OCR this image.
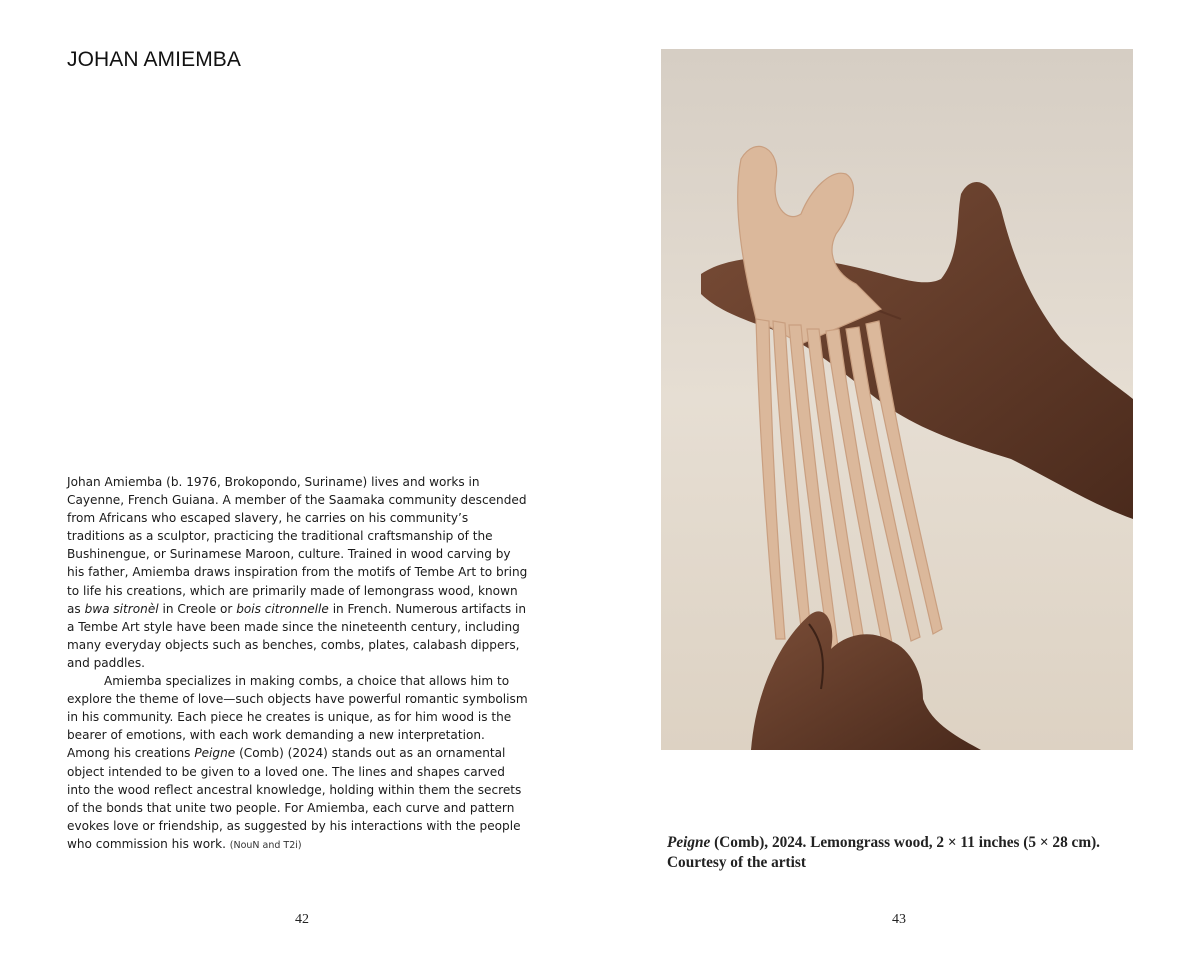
JOHAN AMIEMBA

Johan Amiemba (b. 1976, Brokopondo, Suriname) lives and works in Cayenne, French Guiana. A member of the Saamaka community descended from Africans who escaped slavery, he carries on his community’s traditions as a sculptor, practicing the traditional craftsmanship of the Bushinengue, or Surinamese Maroon, culture. Trained in wood carving by his father, Amiemba draws inspiration from the motifs of Tembe Art to bring to life his creations, which are primarily made of lemongrass wood, known as bwa sitronèl in Creole or bois citronnelle in French. Numerous artifacts in a Tembe Art style have been made since the nineteenth century, including many everyday objects such as benches, combs, plates, calabash dippers, and paddles.

Amiemba specializes in making combs, a choice that allows him to explore the theme of love—such objects have powerful romantic symbolism in his community. Each piece he creates is unique, as for him wood is the bearer of emotions, with each work demanding a new interpretation. Among his creations Peigne (Comb) (2024) stands out as an ornamental object intended to be given to a loved one. The lines and shapes carved into the wood reflect ancestral knowledge, holding within them the secrets of the bonds that unite two people. For Amiemba, each curve and pattern evokes love or friendship, as suggested by his interactions with the people who commission his work. (NouN and T2i)

42

Peigne (Comb), 2024. Lemongrass wood, 2 × 11 inches (5 × 28 cm).
Courtesy of the artist

43
